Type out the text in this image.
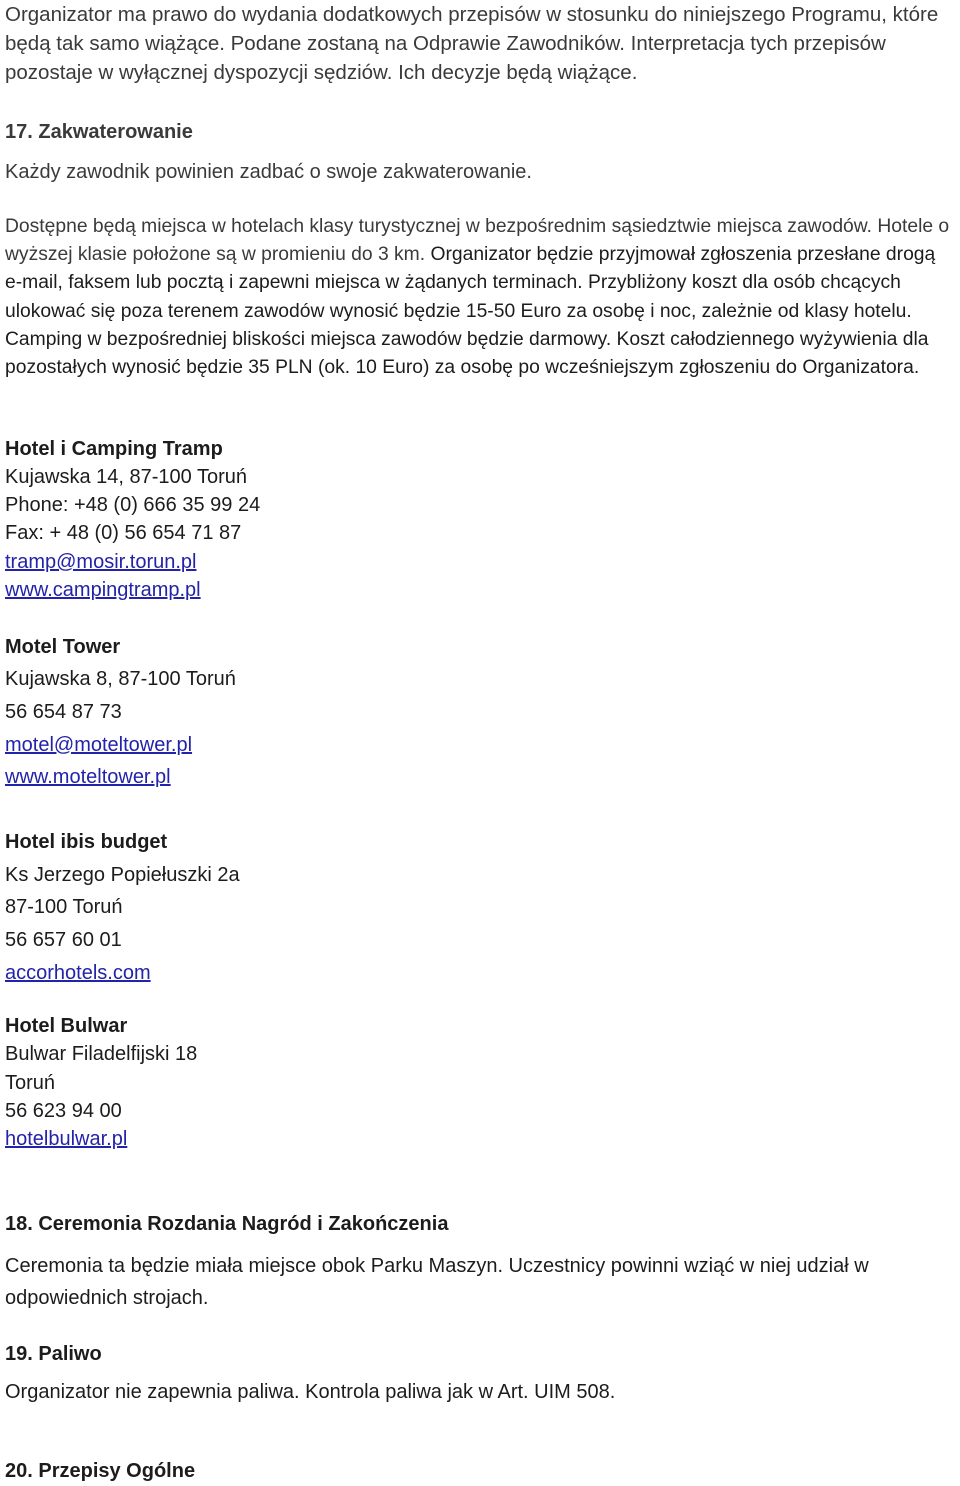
Organizator ma prawo do wydania dodatkowych przepisów w stosunku do niniejszego Programu, które będą tak samo wiążące. Podane zostaną na Odprawie Zawodników. Interpretacja tych przepisów pozostaje w wyłącznej dyspozycji sędziów. Ich decyzje będą wiążące.

17. Zakwaterowanie

Każdy zawodnik powinien zadbać o swoje zakwaterowanie.

Dostępne będą miejsca w hotelach klasy turystycznej w bezpośrednim sąsiedztwie miejsca zawodów. Hotele o wyższej klasie położone są w promieniu do 3 km. Organizator będzie przyjmował zgłoszenia przesłane drogą e-mail, faksem lub pocztą i zapewni miejsca w żądanych terminach. Przybliżony koszt dla osób chcących ulokować się poza terenem zawodów wynosić będzie 15-50 Euro za osobę i noc, zależnie od klasy hotelu. Camping w bezpośredniej bliskości miejsca zawodów będzie darmowy. Koszt całodziennego wyżywienia dla pozostałych wynosić będzie 35 PLN (ok. 10 Euro) za osobę po wcześniejszym zgłoszeniu do Organizatora.

Hotel i Camping Tramp
Kujawska 14, 87-100 Toruń
Phone: +48 (0) 666 35 99 24
Fax: + 48 (0) 56 654 71 87
tramp@mosir.torun.pl
www.campingtramp.pl
Motel Tower
Kujawska 8, 87-100 Toruń
56 654 87 73
motel@moteltower.pl
www.moteltower.pl
Hotel ibis budget
Ks Jerzego Popiełuszki 2a
87-100 Toruń
56 657 60 01
accorhotels.com
Hotel Bulwar
Bulwar Filadelfijski 18
Toruń
56 623 94 00
hotelbulwar.pl
18. Ceremonia Rozdania Nagród i Zakończenia

Ceremonia ta będzie miała miejsce obok Parku Maszyn. Uczestnicy powinni wziąć w niej udział w odpowiednich strojach.

19. Paliwo

Organizator nie zapewnia paliwa. Kontrola paliwa jak w Art. UIM 508.

20. Przepisy Ogólne
